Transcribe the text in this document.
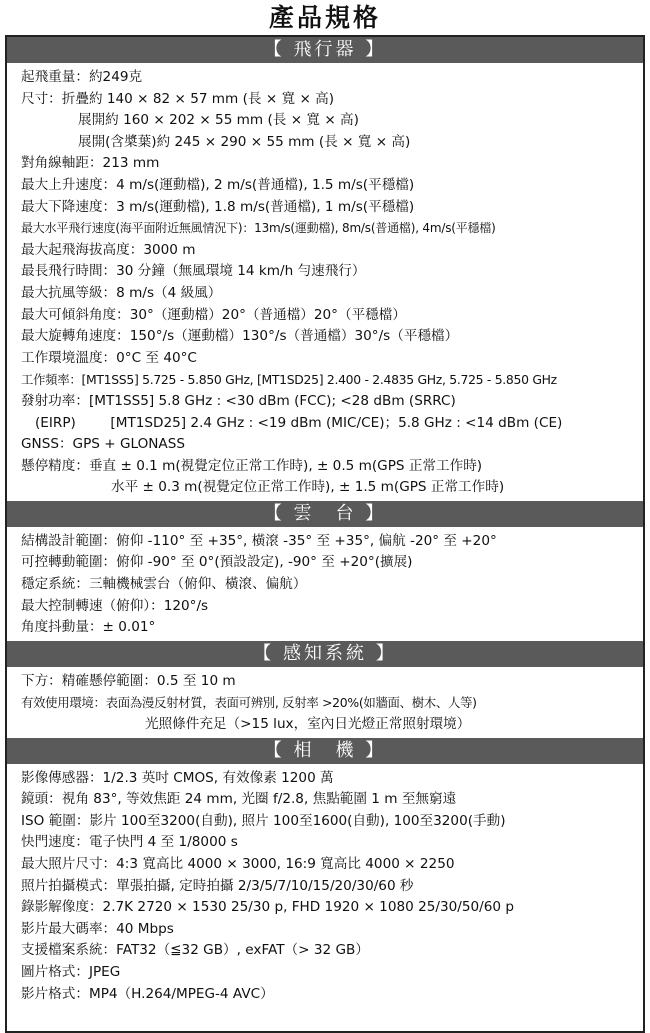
產品規格
【 飛行器 】
起飛重量：約249克
尺寸：折疊約 140 × 82 × 57 mm (長 × 寬 × 高)
展開約 160 × 202 × 55 mm (長 × 寬 × 高)
展開(含槳葉)約 245 × 290 × 55 mm (長 × 寬 × 高)
對角線軸距：213 mm
最大上升速度：4 m/s(運動檔), 2 m/s(普通檔), 1.5 m/s(平穩檔)
最大下降速度：3 m/s(運動檔), 1.8 m/s(普通檔), 1 m/s(平穩檔)
最大水平飛行速度(海平面附近無風情況下)：13m/s(運動檔), 8m/s(普通檔), 4m/s(平穩檔)
最大起飛海拔高度：3000 m
最長飛行時間：30 分鐘（無風環境 14 km/h 勻速飛行）
最大抗風等級：8 m/s（4 級風）
最大可傾斜角度：30°（運動檔）20°（普通檔）20°（平穩檔）
最大旋轉角速度：150°/s（運動檔）130°/s（普通檔）30°/s（平穩檔）
工作環境溫度：0°C 至 40°C
工作頻率：[MT1SS5] 5.725 - 5.850 GHz, [MT1SD25] 2.400 - 2.4835 GHz, 5.725 - 5.850 GHz
發射功率：[MT1SS5] 5.8 GHz : <30 dBm (FCC); <28 dBm (SRRC)
(EIRP)        [MT1SD25] 2.4 GHz : <19 dBm (MIC/CE)；5.8 GHz : <14 dBm (CE)
GNSS：GPS + GLONASS
懸停精度：垂直 ± 0.1 m(視覺定位正常工作時), ± 0.5 m(GPS 正常工作時)
水平 ± 0.3 m(視覺定位正常工作時), ± 1.5 m(GPS 正常工作時)
【 雲　台 】
結構設計範圍：俯仰 -110° 至 +35°, 橫滾 -35° 至 +35°, 偏航 -20° 至 +20°
可控轉動範圍：俯仰 -90° 至 0°(預設設定), -90° 至 +20°(擴展)
穩定系統：三軸機械雲台（俯仰、橫滾、偏航）
最大控制轉速（俯仰）：120°/s
角度抖動量：± 0.01°
【 感知系統 】
下方：精確懸停範圍：0.5 至 10 m
有效使用環境：表面為漫反射材質，表面可辨別, 反射率 >20%(如牆面、樹木、人等)
光照條件充足（>15 lux，室內日光燈正常照射環境）
【 相　機 】
影像傳感器：1/2.3 英吋 CMOS, 有效像素 1200 萬
鏡頭：視角 83°, 等效焦距 24 mm, 光圈 f/2.8, 焦點範圍 1 m 至無窮遠
ISO 範圍：影片 100至3200(自動), 照片 100至1600(自動), 100至3200(手動)
快門速度：電子快門 4 至 1/8000 s
最大照片尺寸：4:3 寬高比 4000 × 3000, 16:9 寬高比 4000 × 2250
照片拍攝模式：單張拍攝, 定時拍攝 2/3/5/7/10/15/20/30/60 秒
錄影解像度：2.7K 2720 × 1530 25/30 p, FHD 1920 × 1080 25/30/50/60 p
影片最大碼率：40 Mbps
支援檔案系統：FAT32（≦32 GB）, exFAT（> 32 GB）
圖片格式：JPEG
影片格式：MP4（H.264/MPEG-4 AVC）
